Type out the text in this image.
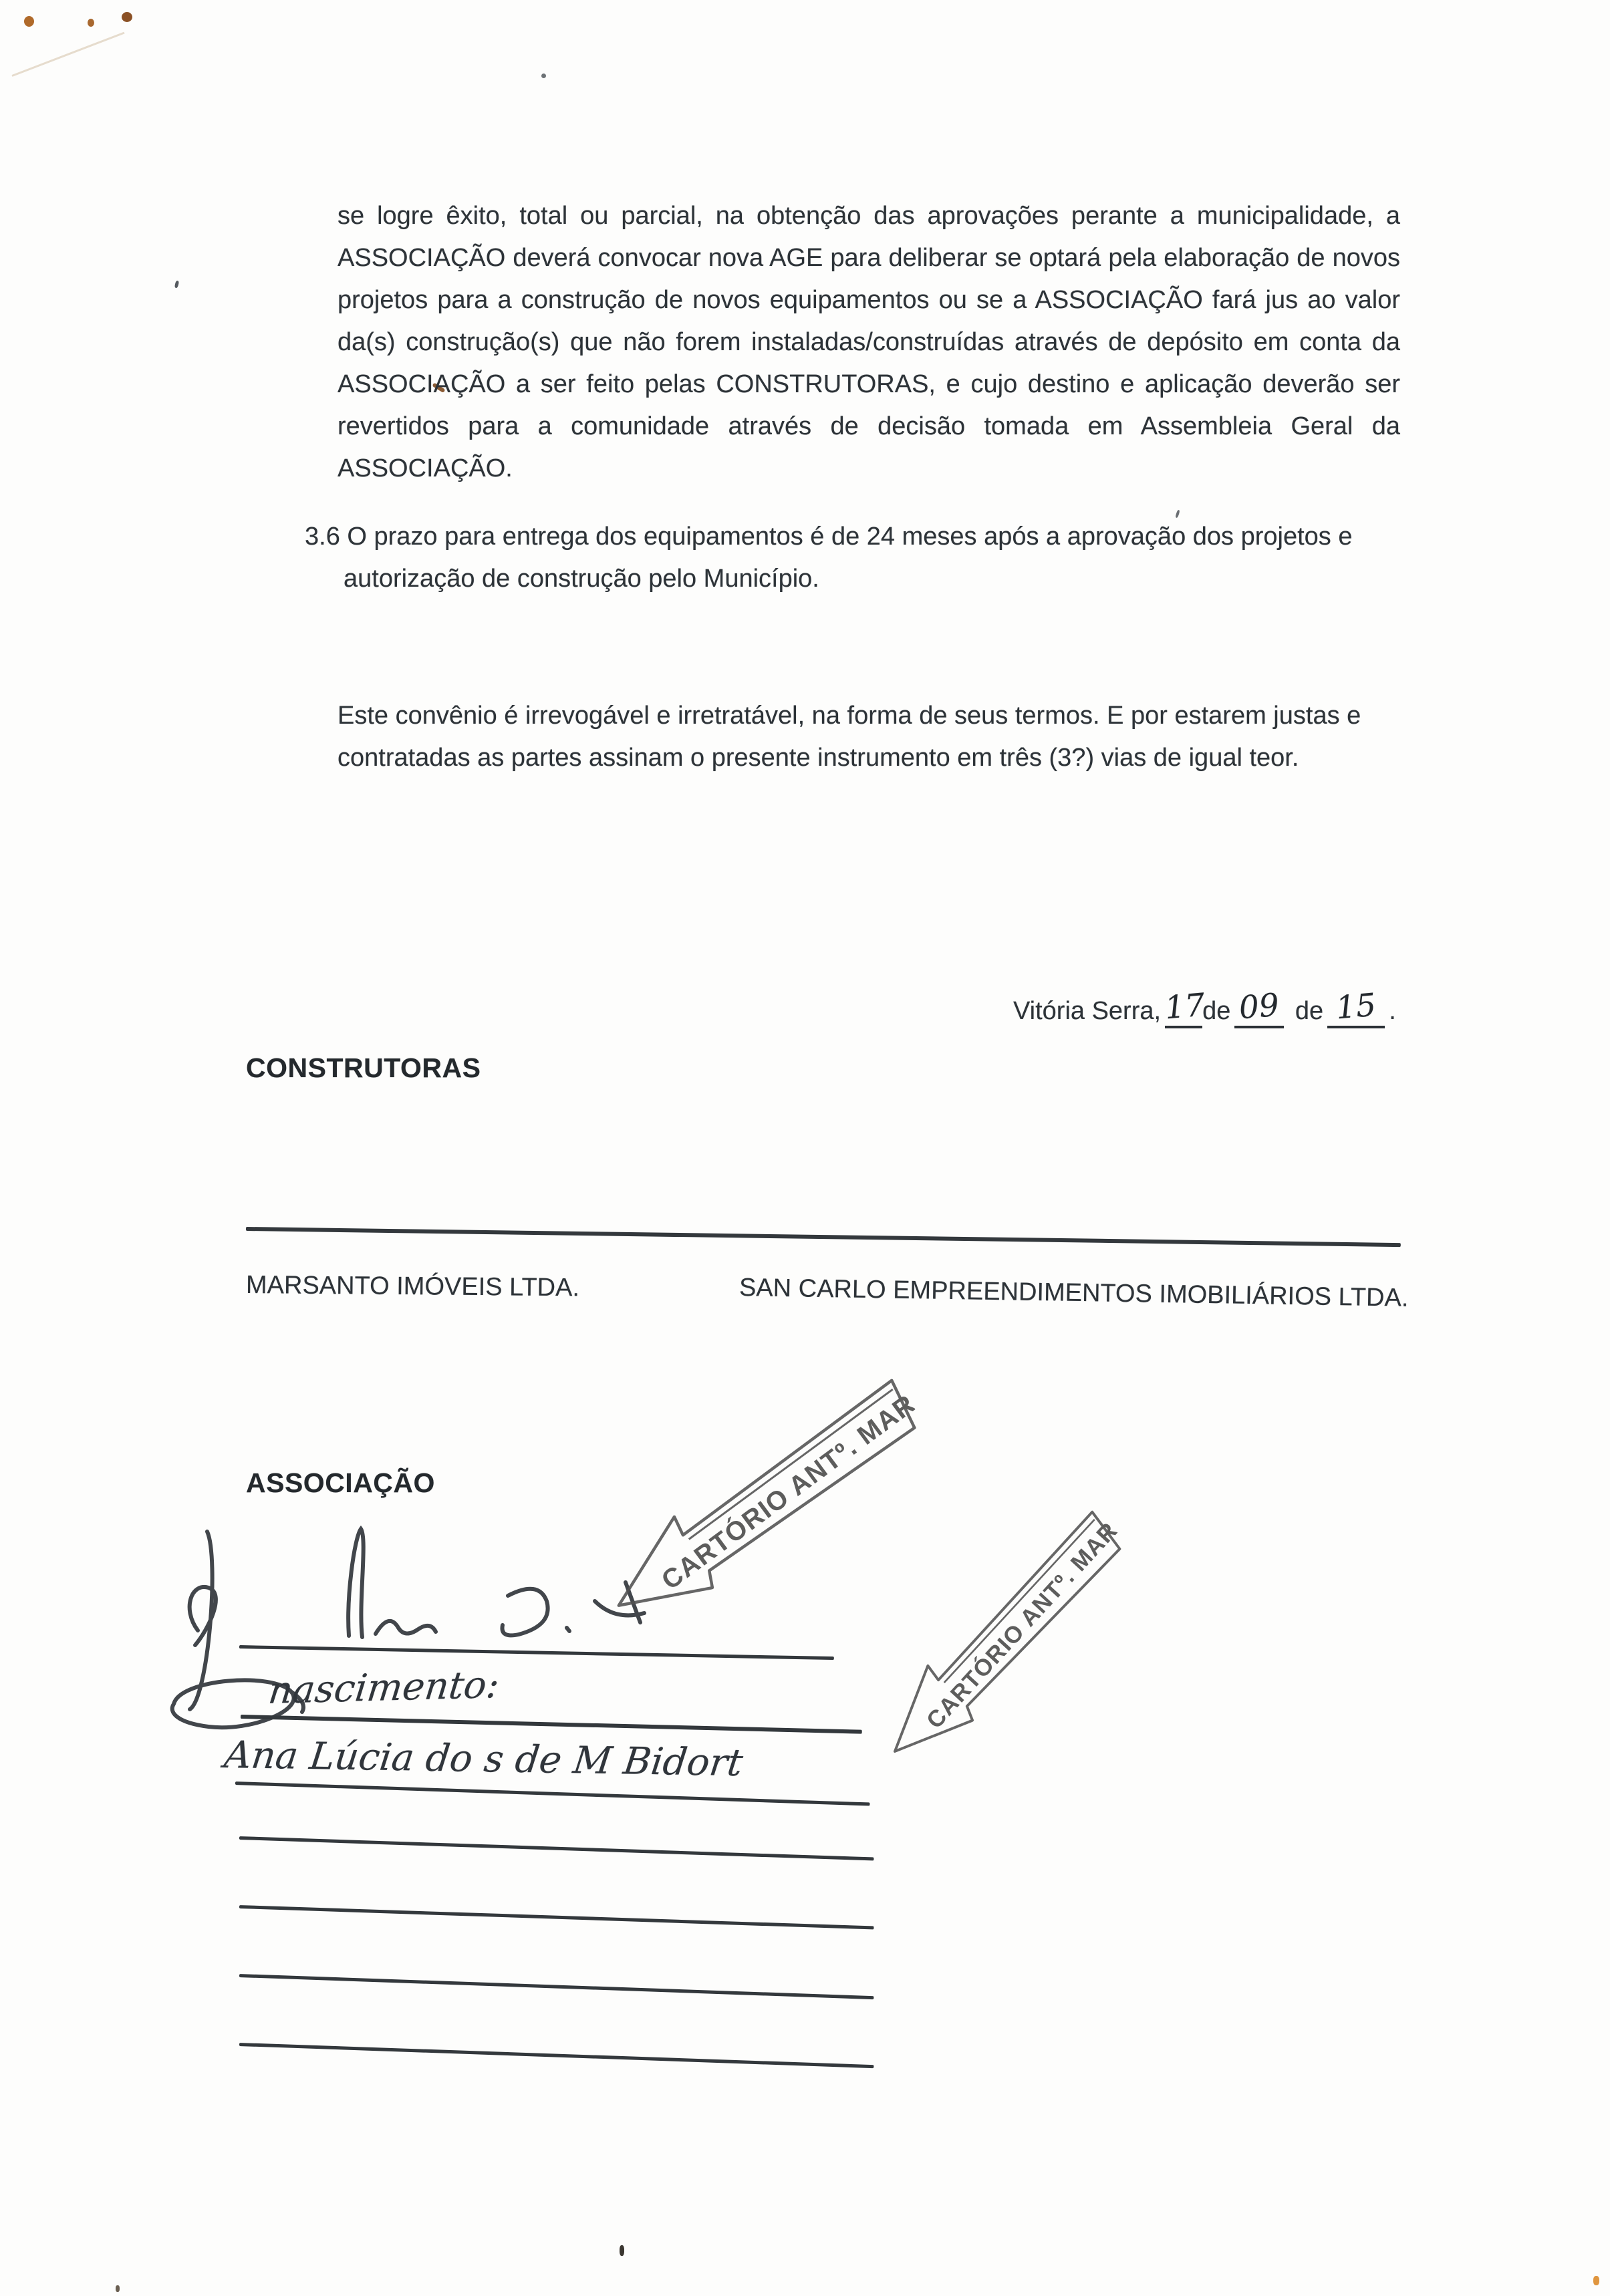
se logre êxito, total ou parcial, na obtenção das aprovações perante a municipalidade, a ASSOCIAÇÃO deverá convocar nova AGE para deliberar se optará pela elaboração de novos projetos para a construção de novos equipamentos ou se a ASSOCIAÇÃO fará jus ao valor da(s) construção(s) que não forem instaladas/construídas através de depósito em conta da ASSOCIAÇÃO a ser feito pelas CONSTRUTORAS, e cujo destino e aplicação deverão ser revertidos para a comunidade através de decisão tomada em Assembleia Geral da ASSOCIAÇÃO.
3.6 O prazo para entrega dos equipamentos é de 24 meses após a aprovação dos projetos e autorização de construção pelo Município.
Este convênio é irrevogável e irretratável, na forma de seus termos. E por estarem justas e contratadas as partes assinam o presente instrumento em três (3?) vias de igual teor.
Vitória Serra,17de 09 de 15 .
CONSTRUTORAS
MARSANTO IMÓVEIS LTDA.	SAN CARLO EMPREENDIMENTOS IMOBILIÁRIOS LTDA.
ASSOCIAÇÃO
nascimento:
Ana Lúcia do s de M Bidort
CARTÓRIO ANTº. MARIA
CARTÓRIO ANTº. MARIA
